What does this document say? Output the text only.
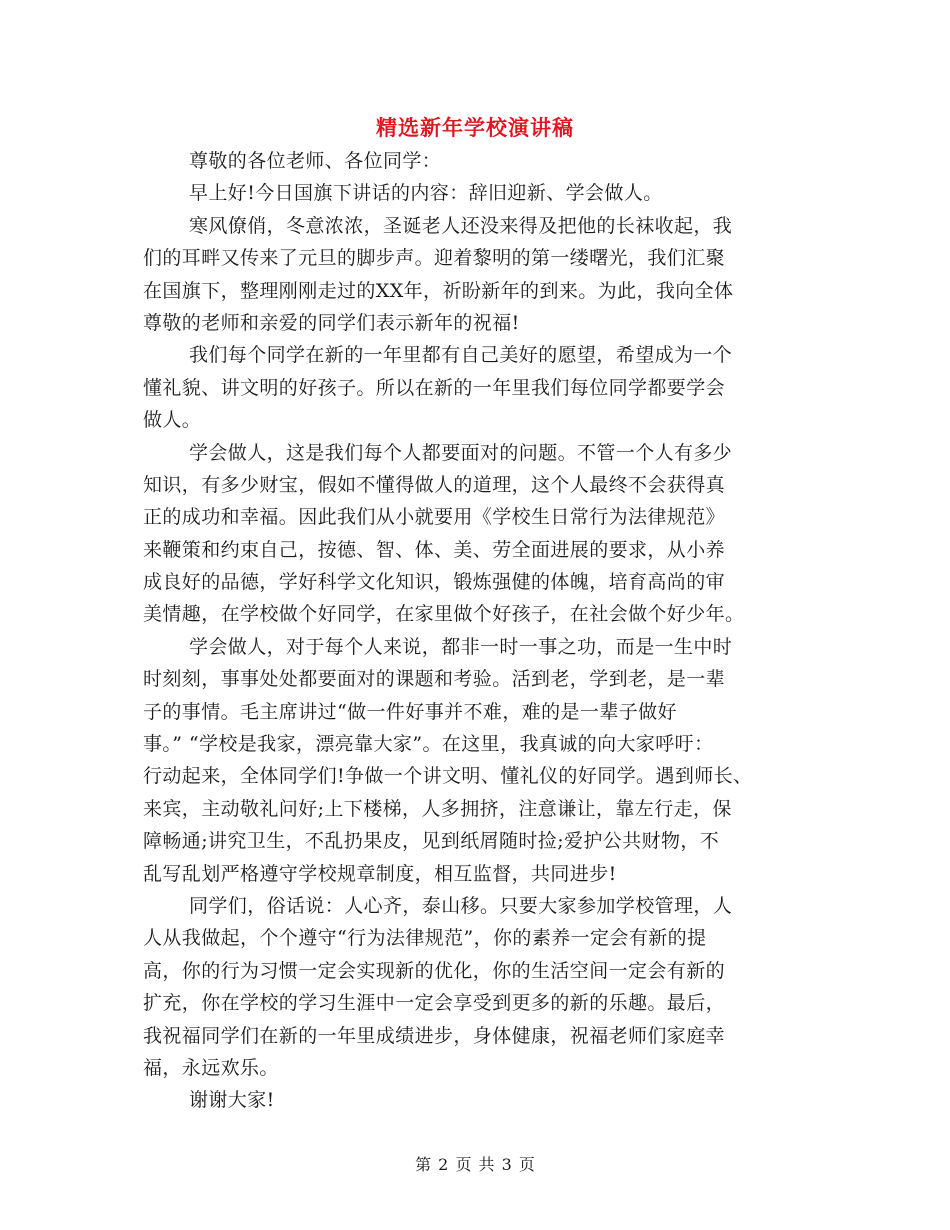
精选新年学校演讲稿
尊敬的各位老师、各位同学：
早上好!今日国旗下讲话的内容：辞旧迎新、学会做人。
寒风僚俏，冬意浓浓，圣诞老人还没来得及把他的长袜收起，我
们的耳畔又传来了元旦的脚步声。迎着黎明的第一缕曙光，我们汇聚
在国旗下，整理刚刚走过的XX年，祈盼新年的到来。为此，我向全体
尊敬的老师和亲爱的同学们表示新年的祝福!
我们每个同学在新的一年里都有自己美好的愿望，希望成为一个
懂礼貌、讲文明的好孩子。所以在新的一年里我们每位同学都要学会
做人。
学会做人，这是我们每个人都要面对的问题。不管一个人有多少
知识，有多少财宝，假如不懂得做人的道理，这个人最终不会获得真
正的成功和幸福。因此我们从小就要用《学校生日常行为法律规范》
来鞭策和约束自己，按德、智、体、美、劳全面进展的要求，从小养
成良好的品德，学好科学文化知识，锻炼强健的体魄，培育高尚的审
美情趣，在学校做个好同学，在家里做个好孩子，在社会做个好少年。
学会做人，对于每个人来说，都非一时一事之功，而是一生中时
时刻刻，事事处处都要面对的课题和考验。活到老，学到老，是一辈
子的事情。毛主席讲过“做一件好事并不难，难的是一辈子做好
事。” “学校是我家，漂亮靠大家”。在这里，我真诚的向大家呼吁：
行动起来，全体同学们!争做一个讲文明、懂礼仪的好同学。遇到师长、
来宾，主动敬礼问好;上下楼梯，人多拥挤，注意谦让，靠左行走，保
障畅通;讲究卫生，不乱扔果皮，见到纸屑随时捡;爱护公共财物，不
乱写乱划严格遵守学校规章制度，相互监督，共同进步!
同学们，俗话说：人心齐，泰山移。只要大家参加学校管理，人
人从我做起，个个遵守“行为法律规范”，你的素养一定会有新的提
高，你的行为习惯一定会实现新的优化，你的生活空间一定会有新的
扩充，你在学校的学习生涯中一定会享受到更多的新的乐趣。最后，
我祝福同学们在新的一年里成绩进步，身体健康，祝福老师们家庭幸
福，永远欢乐。
谢谢大家!
第 2 页 共 3 页
